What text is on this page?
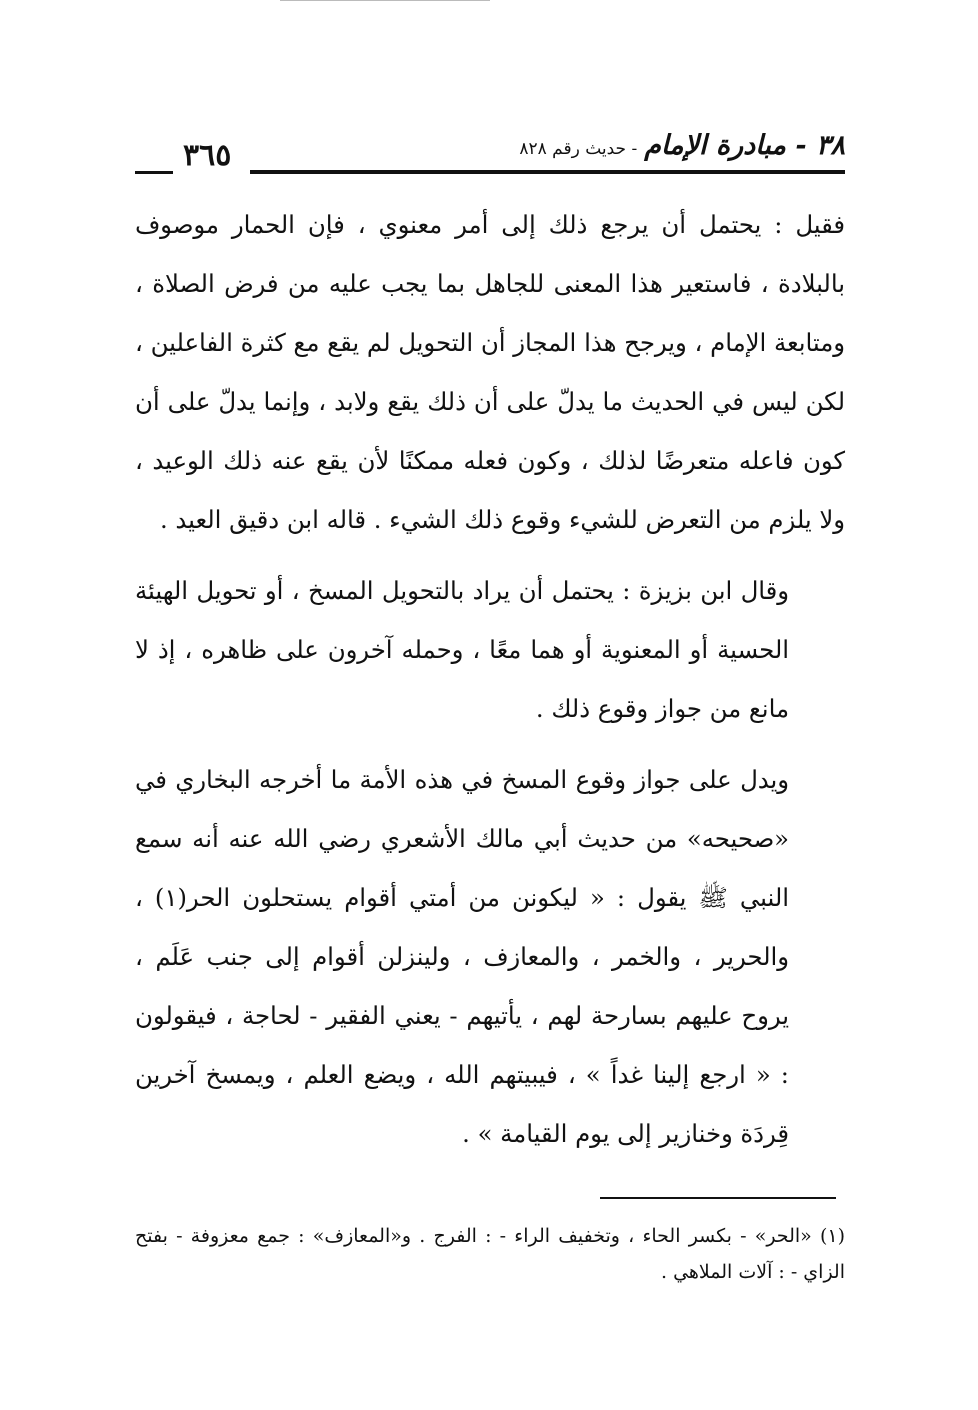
٣٨ - مبادرة الإمام - حديث رقم ٨٢٨
٣٦٥

فقيل : يحتمل أن يرجع ذلك إلى أمر معنوي ، فإن الحمار موصوف بالبلادة ، فاستعير هذا المعنى للجاهل بما يجب عليه من فرض الصلاة ، ومتابعة الإمام ، ويرجح هذا المجاز أن التحويل لم يقع مع كثرة الفاعلين ، لكن ليس في الحديث ما يدلّ على أن ذلك يقع ولابد ، وإنما يدلّ على أن كون فاعله متعرضًا لذلك ، وكون فعله ممكنًا لأن يقع عنه ذلك الوعيد ، ولا يلزم من التعرض للشيء وقوع ذلك الشيء . قاله ابن دقيق العيد .

وقال ابن بزيزة : يحتمل أن يراد بالتحويل المسخ ، أو تحويل الهيئة الحسية أو المعنوية أو هما معًا ، وحمله آخرون على ظاهره ، إذ لا مانع من جواز وقوع ذلك .

ويدل على جواز وقوع المسخ في هذه الأمة ما أخرجه البخاري في «صحيحه» من حديث أبي مالك الأشعري رضي الله عنه أنه سمع النبي ﷺ يقول : « ليكونن من أمتي أقوام يستحلون الحر(١) ، والحرير ، والخمر ، والمعازف ، ولينزلن أقوام إلى جنب عَلَم ، يروح عليهم بسارحة لهم ، يأتيهم - يعني الفقير - لحاجة ، فيقولون : « ارجع إلينا غداً » ، فيبيتهم الله ، ويضع العلم ، ويمسخ آخرين قِردَة وخنازير إلى يوم القيامة » .

(١) «الحر» - بكسر الحاء ، وتخفيف الراء - : الفرج . و«المعازف» : جمع معزوفة - بفتح الزاي - : آلات الملاهي .
